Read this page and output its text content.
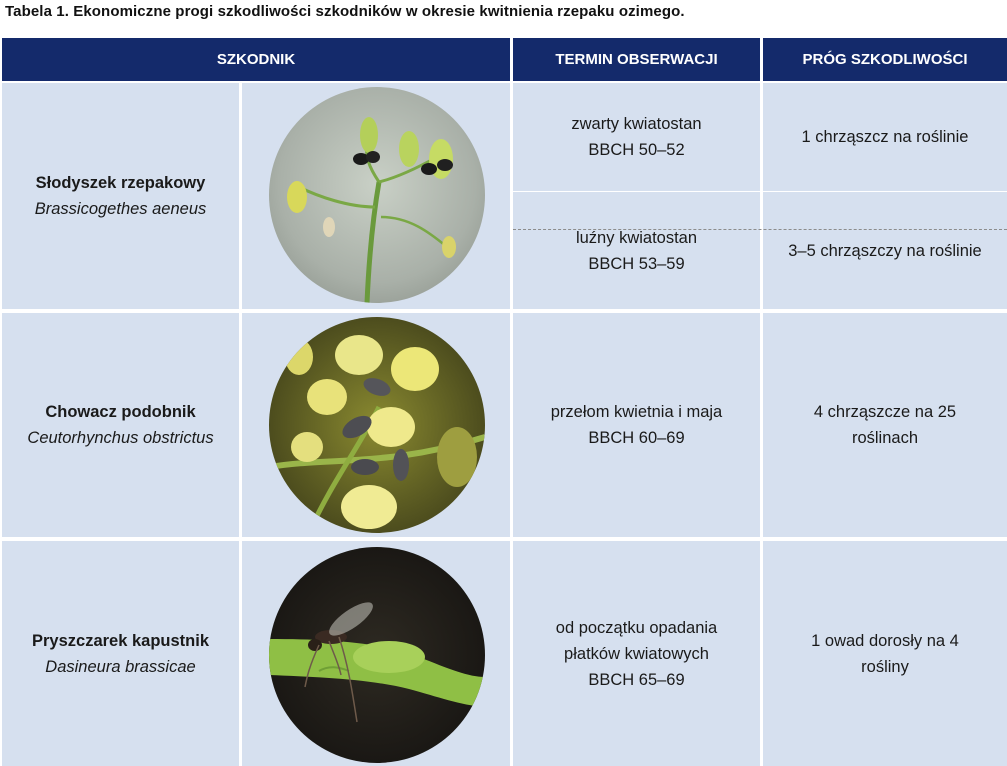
Tabela 1. Ekonomiczne progi szkodliwości szkodników w okresie kwitnienia rzepaku ozimego.
SZKODNIK	TERMIN OBSERWACJI	PRÓG SZKODLIWOŚCI
Słodyszek rzepakowy
Brassicogethes aeneus
zwarty kwiatostan
BBCH 50–52
1 chrząszcz na roślinie
luźny kwiatostan
BBCH 53–59
3–5 chrząszczy na roślinie
Chowacz podobnik
Ceutorhynchus obstrictus
przełom kwietnia i maja
BBCH 60–69
4 chrząszcze na 25
roślinach
Pryszczarek kapustnik
Dasineura brassicae
od początku opadania
płatków kwiatowych
BBCH 65–69
1 owad dorosły na 4
rośliny
